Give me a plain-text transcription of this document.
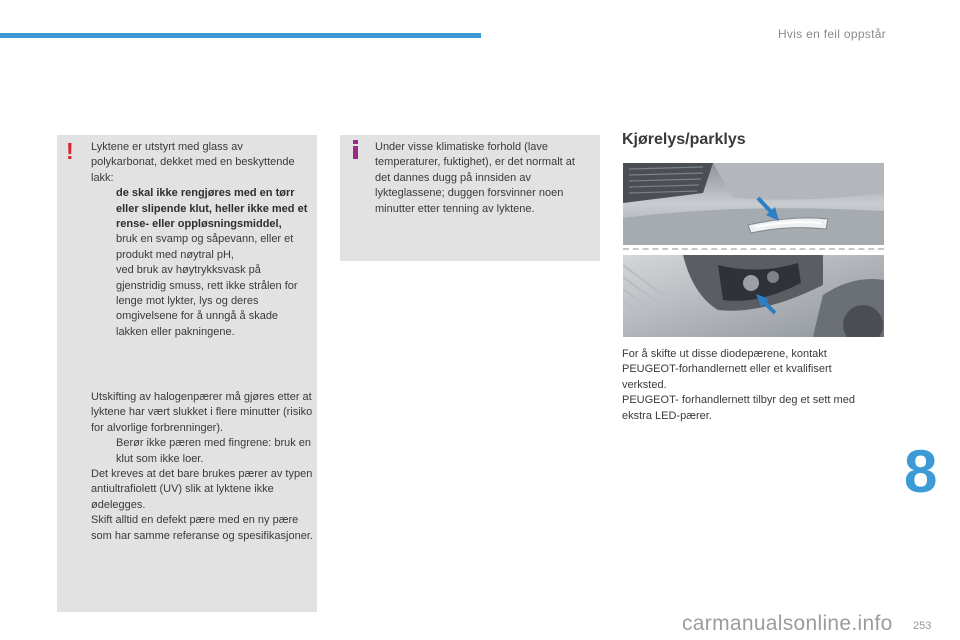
Hvis en feil oppstår
! Lyktene er utstyrt med glass av polykarbonat, dekket med en beskyttende lakk:

de skal ikke rengjøres med en tørr eller slipende klut, heller ikke med et rense- eller oppløsningsmiddel,
bruk en svamp og såpevann, eller et produkt med nøytral pH,
ved bruk av høytrykksvask på gjenstridig smuss, rett ikke strålen for lenge mot lykter, lys og deres omgivelsene for å unngå å skade lakken eller pakningene.

Utskifting av halogenpærer må gjøres etter at lyktene har vært slukket i flere minutter (risiko for alvorlige forbrenninger).

Berør ikke pæren med fingrene: bruk en klut som ikke loer.

Det kreves at det bare brukes pærer av typen antiultrafiolett (UV) slik at lyktene ikke ødelegges.

Skift alltid en defekt pære med en ny pære som har samme referanse og spesifikasjoner.

Under visse klimatiske forhold (lave temperaturer, fuktighet), er det normalt at det dannes dugg på innsiden av lykteglassene; duggen forsvinner noen minutter etter tenning av lyktene.
Kjørelys/parklys

For å skifte ut disse diodepærene, kontakt PEUGEOT-forhandlernett eller et kvalifisert verksted.

PEUGEOT- forhandlernett tilbyr deg et sett med ekstra LED-pærer.

8
253
carmanualsonline.info
